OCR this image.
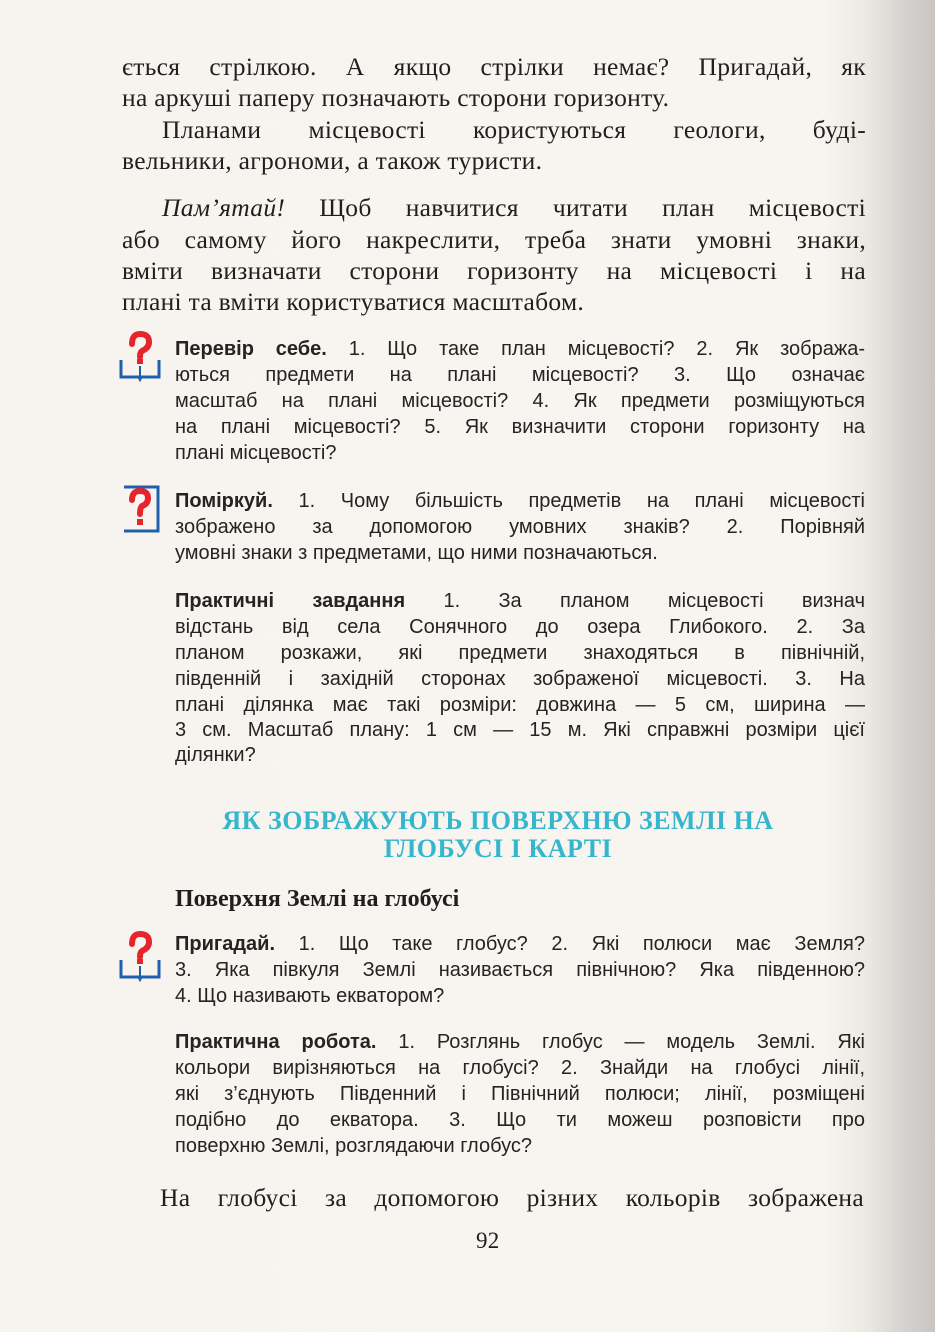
ється стрілкою. А якщо стрілки немає? Пригадай, як
на аркуші паперу позначають сторони горизонту.
Планами місцевості користуються геологи, буді-
вельники, агрономи, а також туристи.
Пам’ятай! Щоб навчитися читати план місцевості
або самому його накреслити, треба знати умовні знаки,
вміти визначати сторони горизонту на місцевості і на
плані та вміти користуватися масштабом.
Перевір себе. 1. Що таке план місцевості? 2. Як зобража-
ються предмети на плані місцевості? 3. Що означає
масштаб на плані місцевості? 4. Як предмети розміщуються
на плані місцевості? 5. Як визначити сторони горизонту на
плані місцевості?
Поміркуй. 1. Чому більшість предметів на плані місцевості
зображено за допомогою умовних знаків? 2. Порівняй
умовні знаки з предметами, що ними позначаються.
Практичні завдання 1. За планом місцевості визнач
відстань від села Сонячного до озера Глибокого. 2. За
планом розкажи, які предмети знаходяться в північній,
південній і західній сторонах зображеної місцевості. 3. На
плані ділянка має такі розміри: довжина — 5 см, ширина —
3 см. Масштаб плану: 1 см — 15 м. Які справжні розміри цієї
ділянки?
ЯК ЗОБРАЖУЮТЬ ПОВЕРХНЮ ЗЕМЛІ НА
ГЛОБУСІ І КАРТІ
Поверхня Землі на глобусі
Пригадай. 1. Що таке глобус? 2. Які полюси має Земля?
3. Яка півкуля Землі називається північною? Яка південною?
4. Що називають екватором?
Практична робота. 1. Розглянь глобус — модель Землі. Які
кольори вирізняються на глобусі? 2. Знайди на глобусі лінії,
які з’єднують Південний і Північний полюси; лінії, розміщені
подібно до екватора. 3. Що ти можеш розповісти про
поверхню Землі, розглядаючи глобус?
На глобусі за допомогою різних кольорів зображена
92
